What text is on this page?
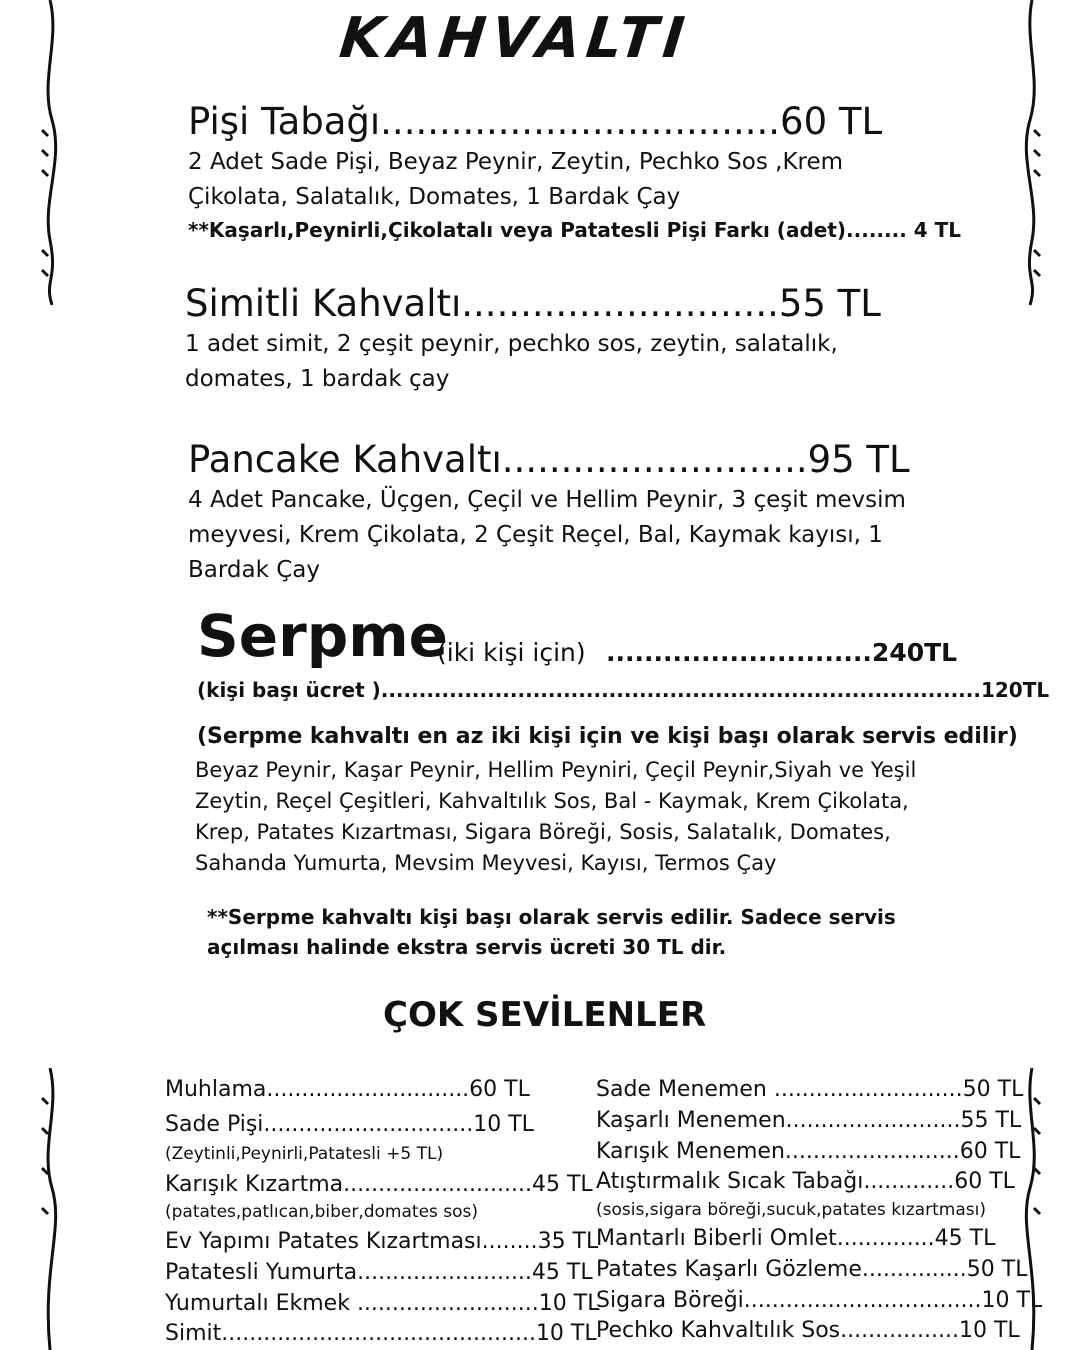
KAHVALTI
Pişi Tabağı..................................60 TL
2 Adet Sade Pişi, Beyaz Peynir, Zeytin, Pechko Sos ,Krem Çikolata, Salatalık, Domates, 1 Bardak Çay
**Kaşarlı,Peynirli,Çikolatalı veya Patatesli Pişi Farkı (adet)........ 4 TL
Simitli Kahvaltı...........................55 TL
1 adet simit, 2 çeşit peynir, pechko sos, zeytin, salatalık, domates, 1 bardak çay
Pancake Kahvaltı..........................95 TL
4 Adet Pancake, Üçgen, Çeçil ve Hellim Peynir, 3 çeşit mevsim meyvesi, Krem Çikolata, 2 Çeşit Reçel, Bal, Kaymak kayısı, 1 Bardak Çay
Serpme
(iki kişi için) ............................240TL
(kişi başı ücret )...............................................................................120TL
(Serpme kahvaltı en az iki kişi için ve kişi başı olarak servis edilir)
Beyaz Peynir, Kaşar Peynir, Hellim Peyniri, Çeçil Peynir,Siyah ve Yeşil Zeytin, Reçel Çeşitleri, Kahvaltılık Sos, Bal - Kaymak, Krem Çikolata, Krep, Patates Kızartması, Sigara Böreği, Sosis, Salatalık, Domates, Sahanda Yumurta, Mevsim Meyvesi, Kayısı, Termos Çay
**Serpme kahvaltı kişi başı olarak servis edilir. Sadece servis açılması halinde ekstra servis ücreti 30 TL dir.
ÇOK SEVİLENLER
Muhlama.............................60 TL
Sade Pişi..............................10 TL
(Zeytinli,Peynirli,Patatesli +5 TL)
Karışık Kızartma...........................45 TL
(patates,patlıcan,biber,domates sos)
Ev Yapımı Patates Kızartması........35 TL
Patatesli Yumurta.........................45 TL
Yumurtalı Ekmek ..........................10 TL
Simit.............................................10 TL
Sade Menemen ...........................50 TL
Kaşarlı Menemen.........................55 TL
Karışık Menemen.........................60 TL
Atıştırmalık Sıcak Tabağı.............60 TL
(sosis,sigara böreği,sucuk,patates kızartması)
Mantarlı Biberli Omlet..............45 TL
Patates Kaşarlı Gözleme...............50 TL
Sigara Böreği..................................10 TL
Pechko Kahvaltılık Sos.................10 TL
